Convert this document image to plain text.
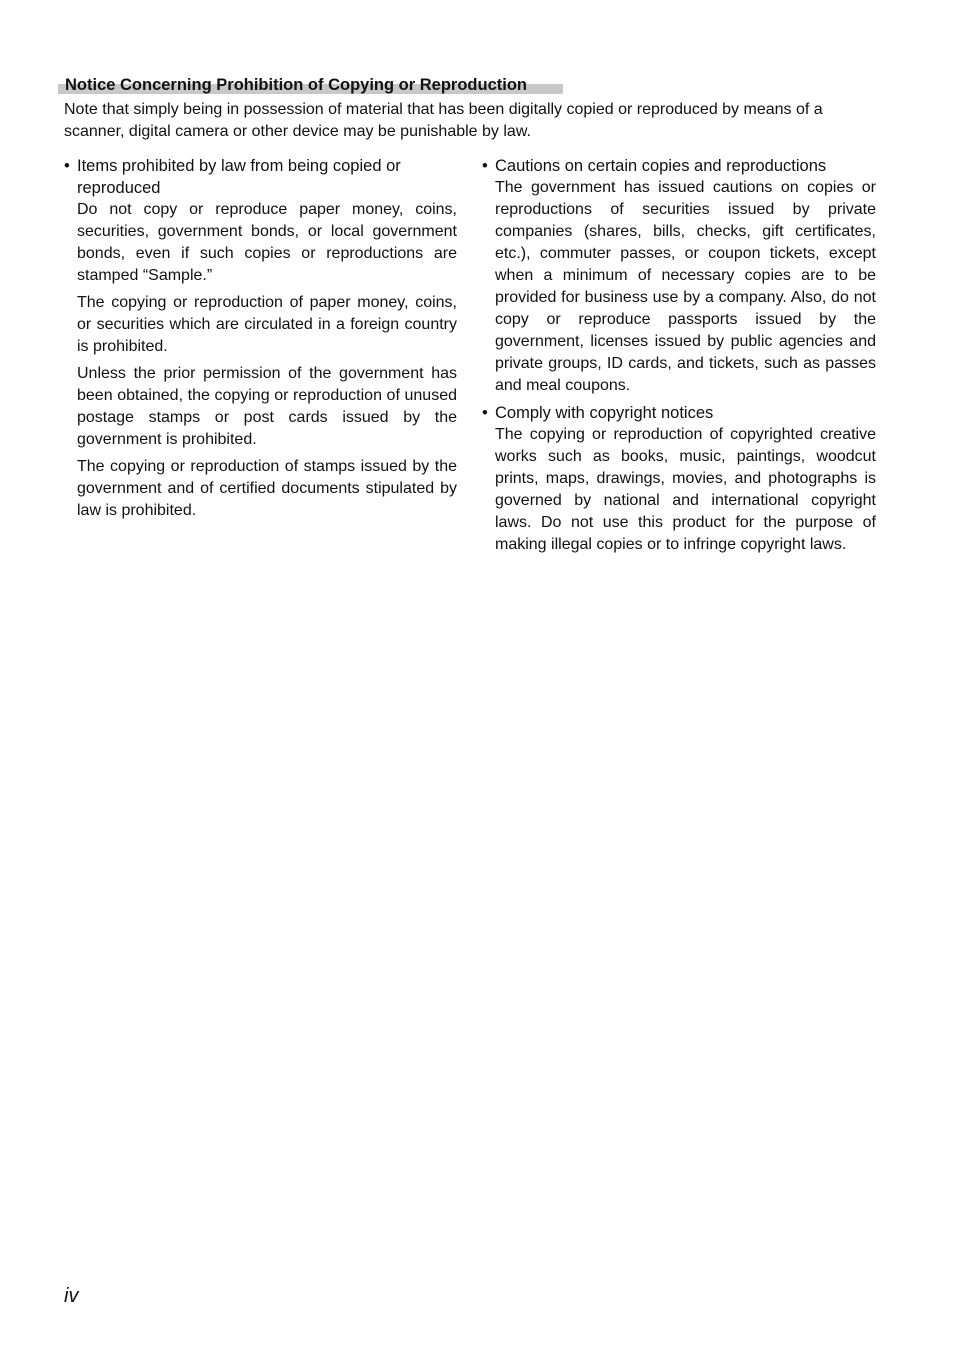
Notice Concerning Prohibition of Copying or Reproduction

Note that simply being in possession of material that has been digitally copied or reproduced by means of a scanner, digital camera or other device may be punishable by law.

• Items prohibited by law from being copied or reproduced

Do not copy or reproduce paper money, coins, securities, government bonds, or local government bonds, even if such copies or reproductions are stamped “Sample.”

The copying or reproduction of paper money, coins, or securities which are circulated in a foreign country is prohibited.

Unless the prior permission of the government has been obtained, the copying or reproduction of unused postage stamps or post cards issued by the government is prohibited.

The copying or reproduction of stamps issued by the government and of certified documents stipulated by law is prohibited.

• Cautions on certain copies and reproductions

The government has issued cautions on copies or reproductions of securities issued by private companies (shares, bills, checks, gift certificates, etc.), commuter passes, or coupon tickets, except when a minimum of necessary copies are to be provided for business use by a company. Also, do not copy or reproduce passports issued by the government, licenses issued by public agencies and private groups, ID cards, and tickets, such as passes and meal coupons.

• Comply with copyright notices

The copying or reproduction of copyrighted creative works such as books, music, paintings, woodcut prints, maps, drawings, movies, and photographs is governed by national and international copyright laws. Do not use this product for the purpose of making illegal copies or to infringe copyright laws.

iv
